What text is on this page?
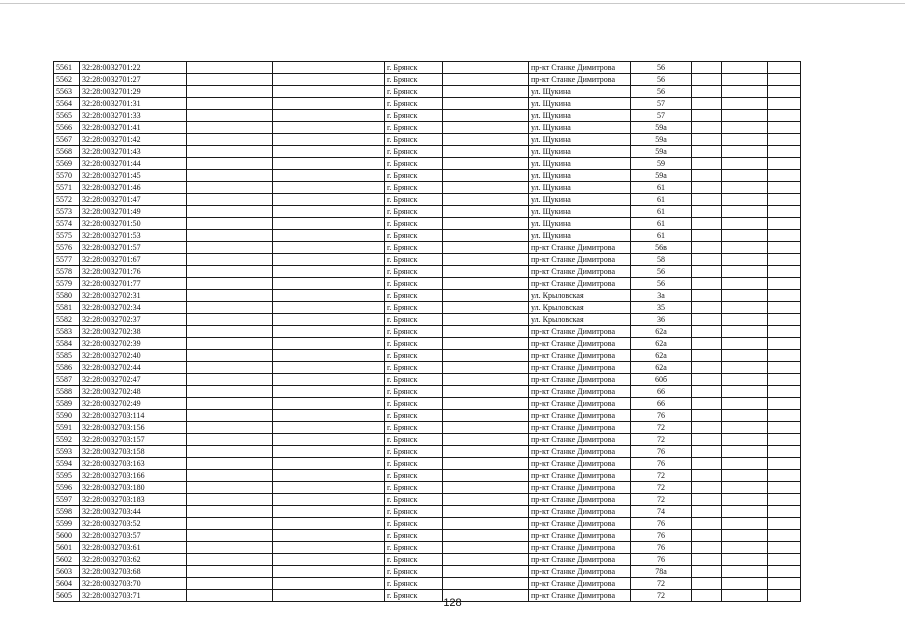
5561	32:28:0032701:22			г. Брянск		пр-кт Станке Димитрова	56			
5562	32:28:0032701:27			г. Брянск		пр-кт Станке Димитрова	56			
5563	32:28:0032701:29			г. Брянск		ул. Щукина	56			
5564	32:28:0032701:31			г. Брянск		ул. Щукина	57			
5565	32:28:0032701:33			г. Брянск		ул. Щукина	57			
5566	32:28:0032701:41			г. Брянск		ул. Щукина	59а			
5567	32:28:0032701:42			г. Брянск		ул. Щукина	59а			
5568	32:28:0032701:43			г. Брянск		ул. Щукина	59а			
5569	32:28:0032701:44			г. Брянск		ул. Щукина	59			
5570	32:28:0032701:45			г. Брянск		ул. Щукина	59а			
5571	32:28:0032701:46			г. Брянск		ул. Щукина	61			
5572	32:28:0032701:47			г. Брянск		ул. Щукина	61			
5573	32:28:0032701:49			г. Брянск		ул. Щукина	61			
5574	32:28:0032701:50			г. Брянск		ул. Щукина	61			
5575	32:28:0032701:53			г. Брянск		ул. Щукина	61			
5576	32:28:0032701:57			г. Брянск		пр-кт Станке Димитрова	56в			
5577	32:28:0032701:67			г. Брянск		пр-кт Станке Димитрова	58			
5578	32:28:0032701:76			г. Брянск		пр-кт Станке Димитрова	56			
5579	32:28:0032701:77			г. Брянск		пр-кт Станке Димитрова	56			
5580	32:28:0032702:31			г. Брянск		ул. Крыловская	3а			
5581	32:28:0032702:34			г. Брянск		ул. Крыловская	35			
5582	32:28:0032702:37			г. Брянск		ул. Крыловская	36			
5583	32:28:0032702:38			г. Брянск		пр-кт Станке Димитрова	62а			
5584	32:28:0032702:39			г. Брянск		пр-кт Станке Димитрова	62а			
5585	32:28:0032702:40			г. Брянск		пр-кт Станке Димитрова	62а			
5586	32:28:0032702:44			г. Брянск		пр-кт Станке Димитрова	62а			
5587	32:28:0032702:47			г. Брянск		пр-кт Станке Димитрова	60б			
5588	32:28:0032702:48			г. Брянск		пр-кт Станке Димитрова	66			
5589	32:28:0032702:49			г. Брянск		пр-кт Станке Димитрова	66			
5590	32:28:0032703:114			г. Брянск		пр-кт Станке Димитрова	76			
5591	32:28:0032703:156			г. Брянск		пр-кт Станке Димитрова	72			
5592	32:28:0032703:157			г. Брянск		пр-кт Станке Димитрова	72			
5593	32:28:0032703:158			г. Брянск		пр-кт Станке Димитрова	76			
5594	32:28:0032703:163			г. Брянск		пр-кт Станке Димитрова	76			
5595	32:28:0032703:166			г. Брянск		пр-кт Станке Димитрова	72			
5596	32:28:0032703:180			г. Брянск		пр-кт Станке Димитрова	72			
5597	32:28:0032703:183			г. Брянск		пр-кт Станке Димитрова	72			
5598	32:28:0032703:44			г. Брянск		пр-кт Станке Димитрова	74			
5599	32:28:0032703:52			г. Брянск		пр-кт Станке Димитрова	76			
5600	32:28:0032703:57			г. Брянск		пр-кт Станке Димитрова	76			
5601	32:28:0032703:61			г. Брянск		пр-кт Станке Димитрова	76			
5602	32:28:0032703:62			г. Брянск		пр-кт Станке Димитрова	76			
5603	32:28:0032703:68			г. Брянск		пр-кт Станке Димитрова	78а			
5604	32:28:0032703:70			г. Брянск		пр-кт Станке Димитрова	72			
5605	32:28:0032703:71			г. Брянск		пр-кт Станке Димитрова	72			
128
